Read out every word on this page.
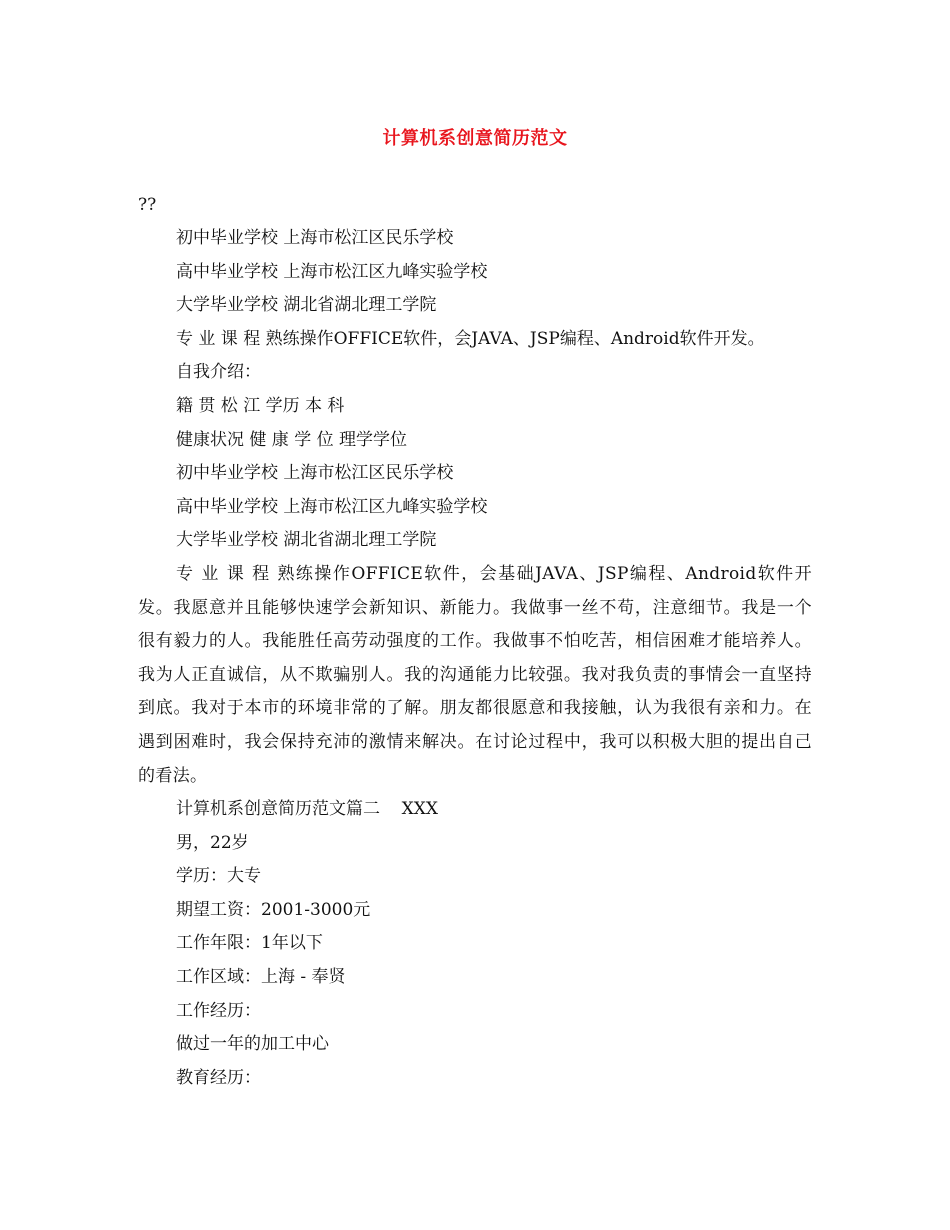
计算机系创意简历范文
??
初中毕业学校 上海市松江区民乐学校
高中毕业学校 上海市松江区九峰实验学校
大学毕业学校 湖北省湖北理工学院
专 业 课 程 熟练操作OFFICE软件，会JAVA、JSP编程、Android软件开发。
自我介绍：
籍 贯 松 江 学历 本 科
健康状况 健 康 学 位 理学学位
初中毕业学校 上海市松江区民乐学校
高中毕业学校 上海市松江区九峰实验学校
大学毕业学校 湖北省湖北理工学院

专 业 课 程 熟练操作OFFICE软件，会基础JAVA、JSP编程、Android软件开发。我愿意并且能够快速学会新知识、新能力。我做事一丝不苟，注意细节。我是一个很有毅力的人。我能胜任高劳动强度的工作。我做事不怕吃苦，相信困难才能培养人。我为人正直诚信，从不欺骗别人。我的沟通能力比较强。我对我负责的事情会一直坚持到底。我对于本市的环境非常的了解。朋友都很愿意和我接触，认为我很有亲和力。在遇到困难时，我会保持充沛的激情来解决。在讨论过程中，我可以积极大胆的提出自己的看法。

计算机系创意简历范文篇二    XXX
男，22岁
学历：大专
期望工资：2001-3000元
工作年限：1年以下
工作区域：上海 - 奉贤
工作经历：
做过一年的加工中心
教育经历：
